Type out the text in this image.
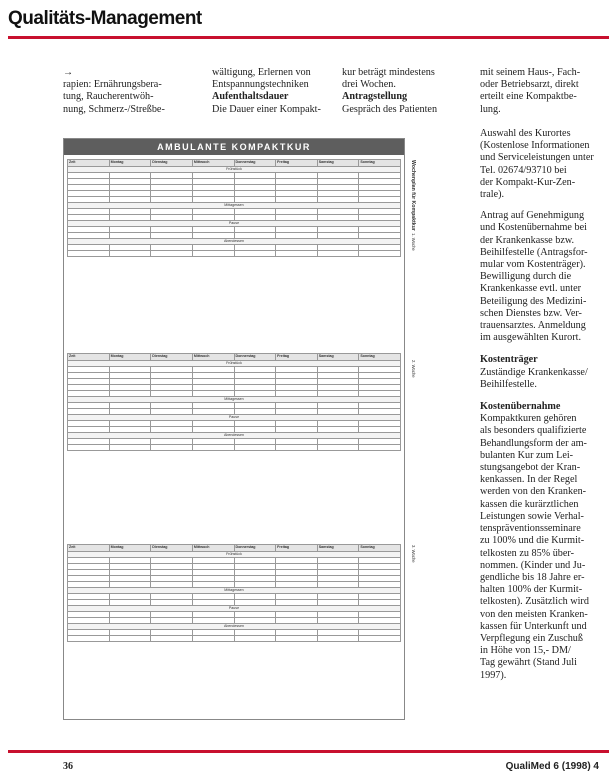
Qualitäts-Management

→

rapien: Ernährungsbera-

tung, Raucherentwöh-

nung, Schmerz-/Streßbe-

wältigung, Erlernen von

Entspannungstechniken

Aufenthaltsdauer

Die Dauer einer Kompakt-

kur beträgt mindestens

drei Wochen.

Antragstellung

Gespräch des Patienten

mit seinem Haus-, Fach-

oder Betriebsarzt, direkt

erteilt eine Kompaktbe-

lung.

AMBULANTE KOMPAKTKUR
Zeit	Montag	Dienstag	Mittwoch	Donnerstag	Freitag	Samstag	Sonntag
Frühstück							

Mittagessen							

Pause							

Abendessen							

Zeit	Montag	Dienstag	Mittwoch	Donnerstag	Freitag	Samstag	Sonntag
Frühstück							

Mittagessen							

Pause							

Abendessen							

Zeit	Montag	Dienstag	Mittwoch	Donnerstag	Freitag	Samstag	Sonntag
Frühstück							

Mittagessen							

Pause							

Abendessen							

Wochenplan für Kompaktkur  1. Woche
2. Woche
3. Woche

Auswahl des Kurortes

(Kostenlose Informationen

und Serviceleistungen unter

Tel. 02674/93710 bei

der Kompakt-Kur-Zen-

trale).

Antrag auf Genehmigung

und Kostenübernahme bei

der Krankenkasse bzw.

Beihilfestelle (Antragsfor-

mular vom Kostenträger).

Bewilligung durch die

Krankenkasse evtl. unter

Beteiligung des Medizini-

schen Dienstes bzw. Ver-

trauensarztes. Anmeldung

im ausgewählten Kurort.

Kostenträger

Zuständige Krankenkasse/

Beihilfestelle.

Kostenübernahme

Kompaktkuren gehören

als besonders qualifizierte

Behandlungsform der am-

bulanten Kur zum Lei-

stungsangebot der Kran-

kenkassen. In der Regel

werden von den Kranken-

kassen die kurärztlichen

Leistungen sowie Verhal-

tenspräventionsseminare

zu 100% und die Kurmit-

telkosten zu 85% über-

nommen. (Kinder und Ju-

gendliche bis 18 Jahre er-

halten 100% der Kurmit-

telkosten). Zusätzlich wird

von den meisten Kranken-

kassen für Unterkunft und

Verpflegung ein Zuschuß

in Höhe von 15,- DM/

Tag gewährt (Stand Juli

1997).

36	QualiMed 6 (1998) 4
